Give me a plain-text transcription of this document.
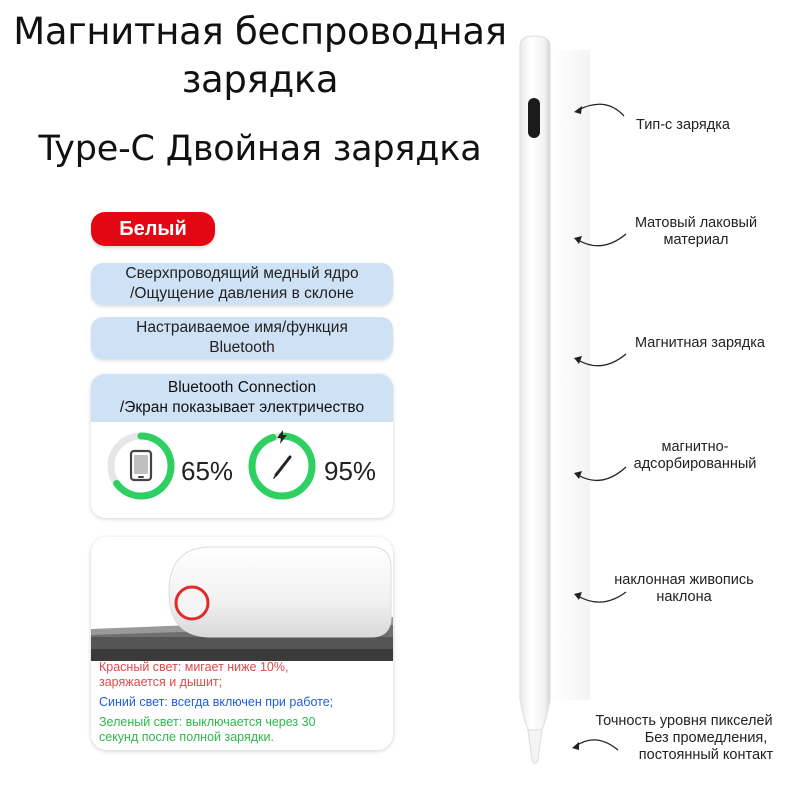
Магнитная беспроводная
зарядка
Type-C Двойная зарядка
Белый
Сверхпроводящий медный ядро
/Ощущение давления в склоне
Настраиваемое имя/функция
Bluetooth
Bluetooth Connection
/Экран показывает электричество
65%	95%
Красный свет: мигает ниже 10%,
заряжается и дышит;
Синий свет: всегда включен при работе;
Зеленый свет: выключается через 30
секунд после полной зарядки.
Тип-с зарядка
Матовый лаковый
материал
Магнитная зарядка
магнитно-
адсорбированный
наклонная живопись
наклона
Точность уровня пикселей
Без промедления,
постоянный контакт
